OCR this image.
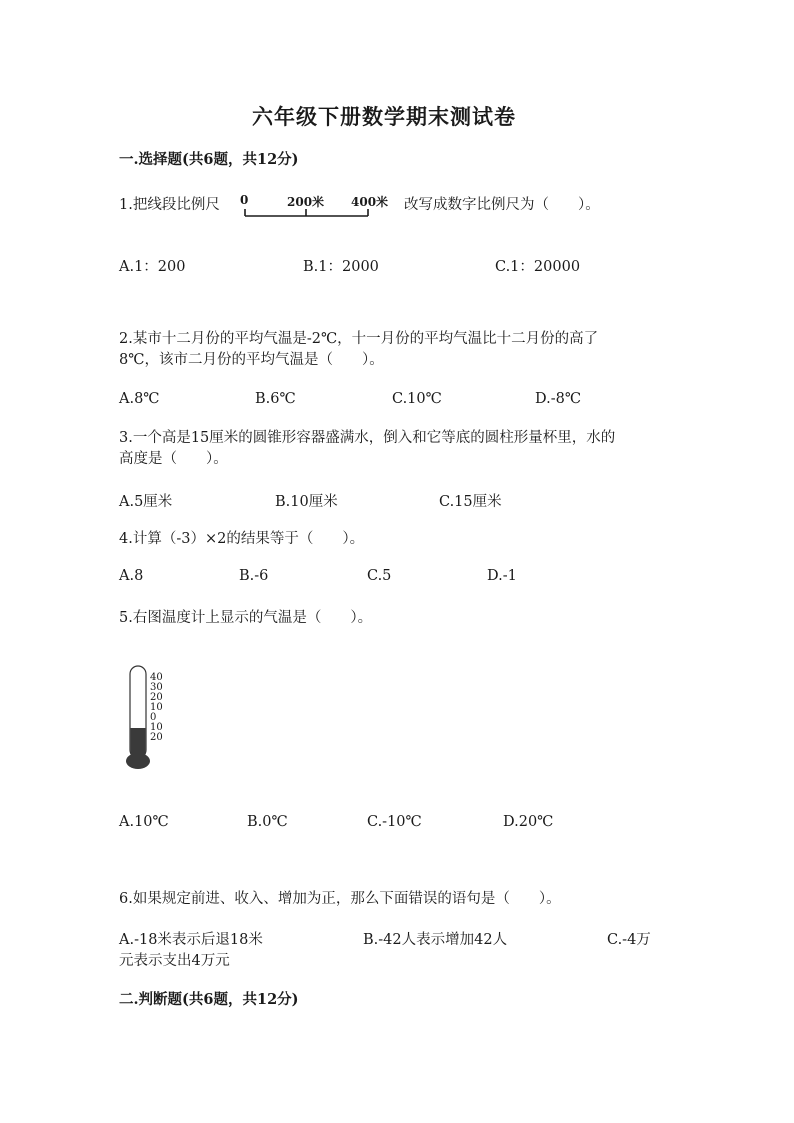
六年级下册数学期末测试卷
一.选择题(共6题，共12分)
1.把线段比例尺 0	200米 400米 改写成数字比例尺为（　　）。
A.1：200	B.1：2000	C.1：20000
2.某市十二月份的平均气温是-2℃，十一月份的平均气温比十二月份的高了
8℃，该市二月份的平均气温是（　　）。
A.8℃	B.6℃	C.10℃	D.-8℃
3.一个高是15厘米的圆锥形容器盛满水，倒入和它等底的圆柱形量杯里，水的
高度是（　　）。
A.5厘米	B.10厘米	C.15厘米
4.计算（-3）×2的结果等于（　　）。
A.8	B.-6	C.5	D.-1
5.右图温度计上显示的气温是（　　）。
40
30
20
10
0
10
20
A.10℃	B.0℃	C.-10℃	D.20℃
6.如果规定前进、收入、增加为正，那么下面错误的语句是（　　）。
A.-18米表示后退18米	B.-42人表示增加42人	C.-4万
元表示支出4万元
二.判断题(共6题，共12分)
